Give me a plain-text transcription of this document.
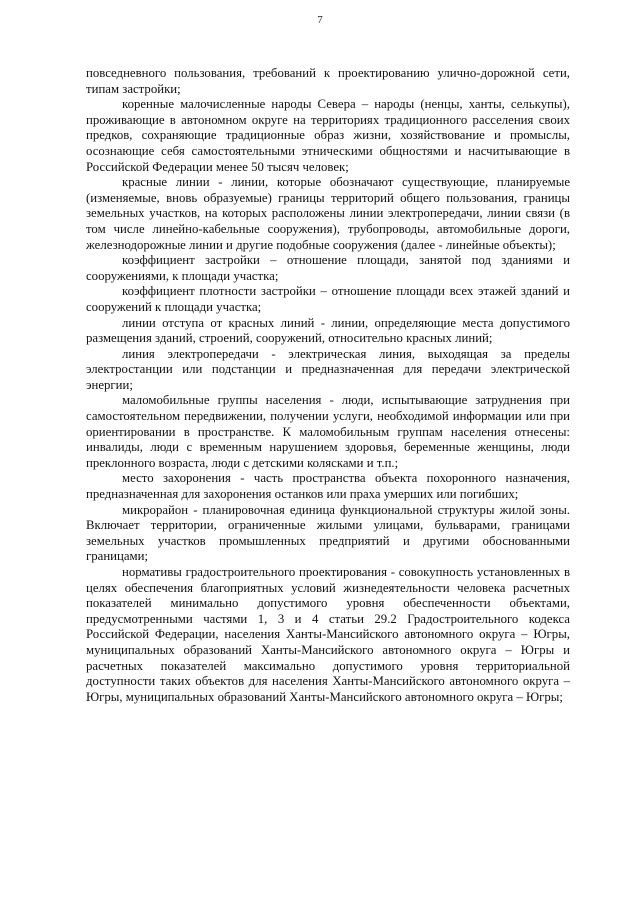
7

повседневного пользования, требований к проектированию улично-дорожной сети, типам застройки;

коренные малочисленные народы Севера – народы (ненцы, ханты, селькупы), проживающие в автономном округе на территориях традиционного расселения своих предков, сохраняющие традиционные образ жизни, хозяйствование и промыслы, осознающие себя самостоятельными этническими общностями и насчитывающие в Российской Федерации менее 50 тысяч человек;

красные линии - линии, которые обозначают существующие, планируемые (изменяемые, вновь образуемые) границы территорий общего пользования, границы земельных участков, на которых расположены линии электропередачи, линии связи (в том числе линейно-кабельные сооружения), трубопроводы, автомобильные дороги, железнодорожные линии и другие подобные сооружения (далее - линейные объекты);

коэффициент застройки – отношение площади, занятой под зданиями и сооружениями, к площади участка;

коэффициент плотности застройки – отношение площади всех этажей зданий и сооружений к площади участка;

линии отступа от красных линий - линии, определяющие места допустимого размещения зданий, строений, сооружений, относительно красных линий;

линия электропередачи - электрическая линия, выходящая за пределы электростанции или подстанции и предназначенная для передачи электрической энергии;

маломобильные группы населения - люди, испытывающие затруднения при самостоятельном передвижении, получении услуги, необходимой информации или при ориентировании в пространстве. К маломобильным группам населения отнесены: инвалиды, люди с временным нарушением здоровья, беременные женщины, люди преклонного возраста, люди с детскими колясками и т.п.;

место захоронения - часть пространства объекта похоронного назначения, предназначенная для захоронения останков или праха умерших или погибших;

микрорайон - планировочная единица функциональной структуры жилой зоны. Включает территории, ограниченные жилыми улицами, бульварами, границами земельных участков промышленных предприятий и другими обоснованными границами;

нормативы градостроительного проектирования - совокупность установленных в целях обеспечения благоприятных условий жизнедеятельности человека расчетных показателей минимально допустимого уровня обеспеченности объектами, предусмотренными частями 1, 3 и 4 статьи 29.2 Градостроительного кодекса Российской Федерации, населения Ханты-Мансийского автономного округа – Югры, муниципальных образований Ханты-Мансийского автономного округа – Югры и расчетных показателей максимально допустимого уровня территориальной доступности таких объектов для населения Ханты-Мансийского автономного округа – Югры, муниципальных образований Ханты-Мансийского автономного округа – Югры;
